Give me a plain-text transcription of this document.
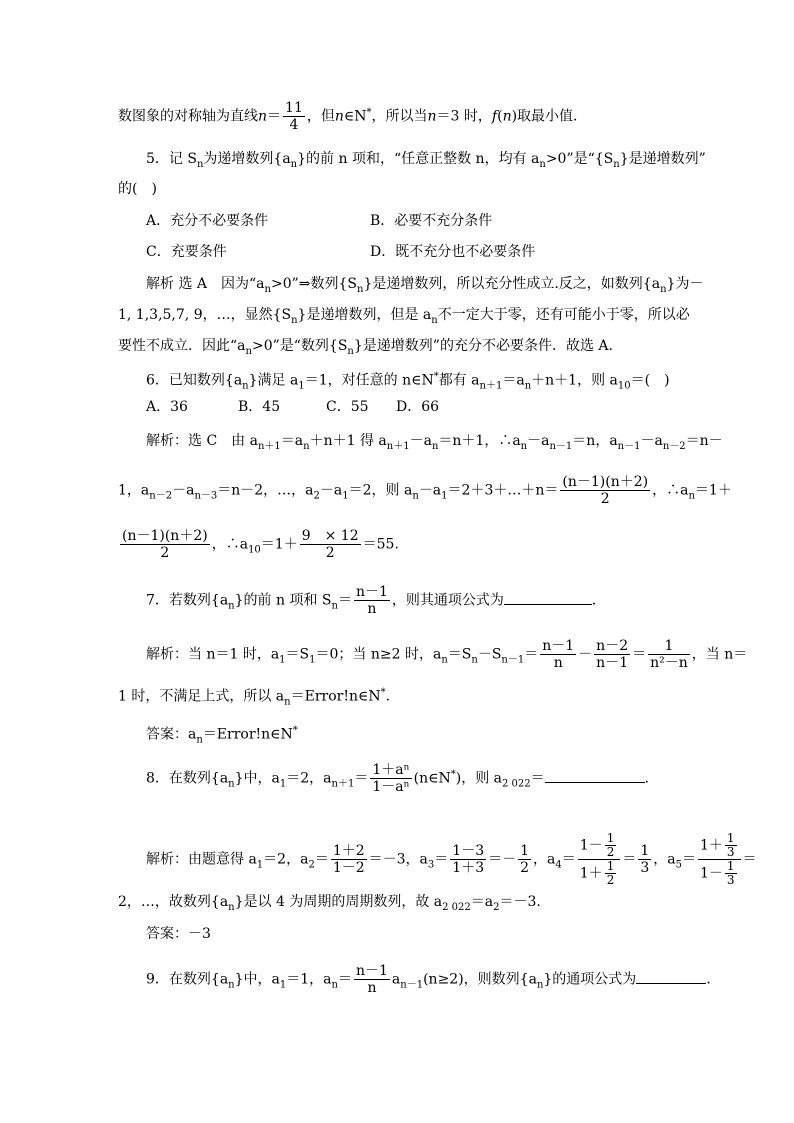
数图象的对称轴为直线$n= \frac{11}{4}$ ，但n∈N*，所以当n＝3 时，f(n)取最小值．
5．记 $S_n$为递增数列$\{a_n\}$的前 n 项和，“任意正整数 n，均有 $a_n>0$”是“$\{S_n\}$是递增数列”
的(　)
A．充分不必要条件	B．必要不充分条件
C．充要条件	D．既不充分也不必要条件
解析 选 A　因为“$a_n>0”\Rightarrow$数列$\{S_n\}$是递增数列，所以充分性成立.反之，如数列$\{a_n\}$为－
1, 1,3,5,7, 9，…，显然$\{S_n\}$是递增数列，但是 $a_n$不一定大于零，还有可能小于零，所以必
要性不成立．因此“$a_n>0$”是“数列$\{S_n\}$是递增数列”的充分不必要条件．故选 A.
6．已知数列$\{a_n\}$满足 $a_1=1$，对任意的 n∈N*都有 $a_{n+1}=a_n+n+1$，则 $a_{10}=$(　)
A．36	B．45	C．55 D．66
解析：选 C　由 $a_{n+1}=a_n+n+1$ 得 $a_{n+1}-a_n=n+1$，$\therefore a_n-a_{n-1}=n$，$a_{n-1}-a_{n-2}=n-$
1，$a_{n-2}-a_{n-3}=n-2$，…，$a_2-a_1=2$，则 $a_n-a_1=2+3+\dots+n= \frac{(n-1)(n+2)}{2}$ ，$\therefore a_n=1+$
$\frac{(n-1)(n+2)}{2}$ ，$\therefore a_{10}=1+ \frac{9 \times 12}{2} =55$.
7．若数列$\{a_n\}$的前 n 项和 $S_n= \frac{n-1}{n}$ ，则其通项公式为	．
解析：当 n＝1 时，$a_1=S_1=0$；当 n≥2 时，$a_n=S_n-S_{n-1}= \frac{n-1}{n} - \frac{n-2}{n-1} = \frac{1}{\text{n²－n}}$ ，当 n＝
1 时，不满足上式，所以 $a_n=Error!n\in N^*$.
答案：$a_n=Error!n\in N^*$
8．在数列$\{a_n\}$中，$a_1=2$，$a_{n+1}= \frac{\text{1＋aⁿ}}{\text{1－aⁿ}}$ (n∈N*)，则 $a_{2 022}=$	．
解析：由题意得 $a_1=2$，$a_2= \frac{1+2}{1-2} =-3$，$a_3= \frac{1-3}{1+3} =- \frac{1}{2}$ ，$a_4= \frac{1- \frac{1}{2}}{1+ \frac{1}{2}} = \frac{1}{3}$ ，$a_5= \frac{1+ \frac{1}{3}}{1- \frac{1}{3}}$ ＝
2，…，故数列$\{a_n\}$是以 4 为周期的周期数列，故 $a_{2 022}=a_2=-3$.
答案：－3
9．在数列$\{a_n\}$中，$a_1=1$，$a_n= \frac{n-1}{n} a_{n-1}(n\ge 2)$，则数列$\{a_n\}$的通项公式为	．
